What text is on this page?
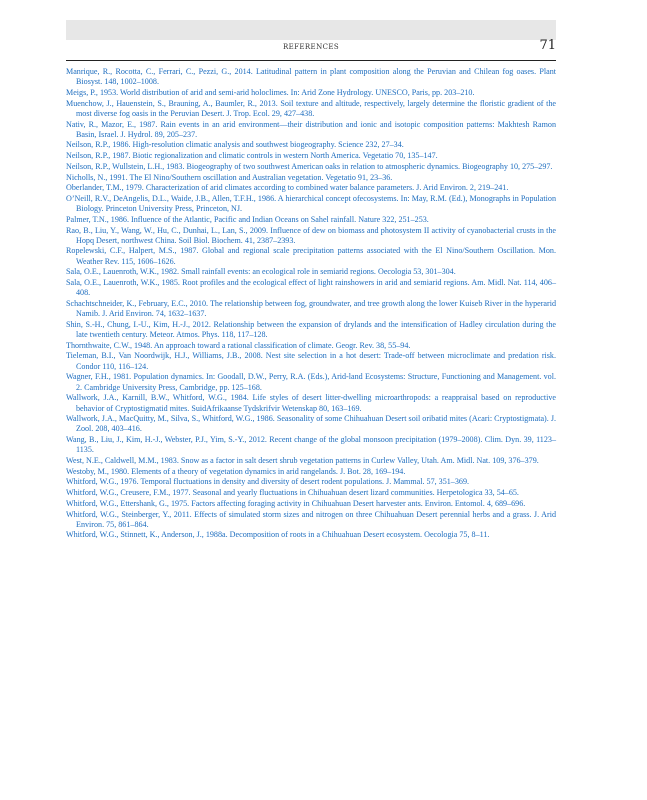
REFERENCES	71
Manrique, R., Rocotta, C., Ferrari, C., Pezzi, G., 2014. Latitudinal pattern in plant composition along the Peruvian and Chilean fog oases. Plant Biosyst. 148, 1002–1008.
Meigs, P., 1953. World distribution of arid and semi-arid holoclimes. In: Arid Zone Hydrology. UNESCO, Paris, pp. 203–210.
Muenchow, J., Hauenstein, S., Brauning, A., Baumler, R., 2013. Soil texture and altitude, respectively, largely determine the floristic gradient of the most diverse fog oasis in the Peruvian Desert. J. Trop. Ecol. 29, 427–438.
Nativ, R., Mazor, E., 1987. Rain events in an arid environment—their distribution and ionic and isotopic composition patterns: Makhtesh Ramon Basin, Israel. J. Hydrol. 89, 205–237.
Neilson, R.P., 1986. High-resolution climatic analysis and southwest biogeography. Science 232, 27–34.
Neilson, R.P., 1987. Biotic regionalization and climatic controls in western North America. Vegetatio 70, 135–147.
Neilson, R.P., Wullstein, L.H., 1983. Biogeography of two southwest American oaks in relation to atmospheric dynamics. Biogeography 10, 275–297.
Nicholls, N., 1991. The El Nino/Southern oscillation and Australian vegetation. Vegetatio 91, 23–36.
Oberlander, T.M., 1979. Characterization of arid climates according to combined water balance parameters. J. Arid Environ. 2, 219–241.
O’Neill, R.V., DeAngelis, D.L., Waide, J.B., Allen, T.F.H., 1986. A hierarchical concept ofecosystems. In: May, R.M. (Ed.), Monographs in Population Biology. Princeton University Press, Princeton, NJ.
Palmer, T.N., 1986. Influence of the Atlantic, Pacific and Indian Oceans on Sahel rainfall. Nature 322, 251–253.
Rao, B., Liu, Y., Wang, W., Hu, C., Dunhai, L., Lan, S., 2009. Influence of dew on biomass and photosystem II activity of cyanobacterial crusts in the Hopq Desert, northwest China. Soil Biol. Biochem. 41, 2387–2393.
Ropelewski, C.F., Halpert, M.S., 1987. Global and regional scale precipitation patterns associated with the El Nino/Southern Oscillation. Mon. Weather Rev. 115, 1606–1626.
Sala, O.E., Lauenroth, W.K., 1982. Small rainfall events: an ecological role in semiarid regions. Oecologia 53, 301–304.
Sala, O.E., Lauenroth, W.K., 1985. Root profiles and the ecological effect of light rainshowers in arid and semiarid regions. Am. Midl. Nat. 114, 406–408.
Schachtschneider, K., February, E.C., 2010. The relationship between fog, groundwater, and tree growth along the lower Kuiseb River in the hyperarid Namib. J. Arid Environ. 74, 1632–1637.
Shin, S.-H., Chung, I.-U., Kim, H.-J., 2012. Relationship between the expansion of drylands and the intensification of Hadley circulation during the late twentieth century. Meteor. Atmos. Phys. 118, 117–128.
Thornthwaite, C.W., 1948. An approach toward a rational classification of climate. Geogr. Rev. 38, 55–94.
Tieleman, B.I., Van Noordwijk, H.J., Williams, J.B., 2008. Nest site selection in a hot desert: Trade-off between microclimate and predation risk. Condor 110, 116–124.
Wagner, F.H., 1981. Population dynamics. In: Goodall, D.W., Perry, R.A. (Eds.), Arid-land Ecosystems: Structure, Functioning and Management. vol. 2. Cambridge University Press, Cambridge, pp. 125–168.
Wallwork, J.A., Karnill, B.W., Whitford, W.G., 1984. Life styles of desert litter-dwelling microarthropods: a reappraisal based on reproductive behavior of Cryptostigmatid mites. SuidAfrikaanse Tydskrifvir Wetenskap 80, 163–169.
Wallwork, J.A., MacQuitty, M., Silva, S., Whitford, W.G., 1986. Seasonality of some Chihuahuan Desert soil oribatid mites (Acari: Cryptostigmata). J. Zool. 208, 403–416.
Wang, B., Liu, J., Kim, H.-J., Webster, P.J., Yim, S.-Y., 2012. Recent change of the global monsoon precipitation (1979–2008). Clim. Dyn. 39, 1123–1135.
West, N.E., Caldwell, M.M., 1983. Snow as a factor in salt desert shrub vegetation patterns in Curlew Valley, Utah. Am. Midl. Nat. 109, 376–379.
Westoby, M., 1980. Elements of a theory of vegetation dynamics in arid rangelands. J. Bot. 28, 169–194.
Whitford, W.G., 1976. Temporal fluctuations in density and diversity of desert rodent populations. J. Mammal. 57, 351–369.
Whitford, W.G., Creusere, F.M., 1977. Seasonal and yearly fluctuations in Chihuahuan desert lizard communities. Herpetologica 33, 54–65.
Whitford, W.G., Ettershank, G., 1975. Factors affecting foraging activity in Chihuahuan Desert harvester ants. Environ. Entomol. 4, 689–696.
Whitford, W.G., Steinberger, Y., 2011. Effects of simulated storm sizes and nitrogen on three Chihuahuan Desert perennial herbs and a grass. J. Arid Environ. 75, 861–864.
Whitford, W.G., Stinnett, K., Anderson, J., 1988a. Decomposition of roots in a Chihuahuan Desert ecosystem. Oecologia 75, 8–11.
